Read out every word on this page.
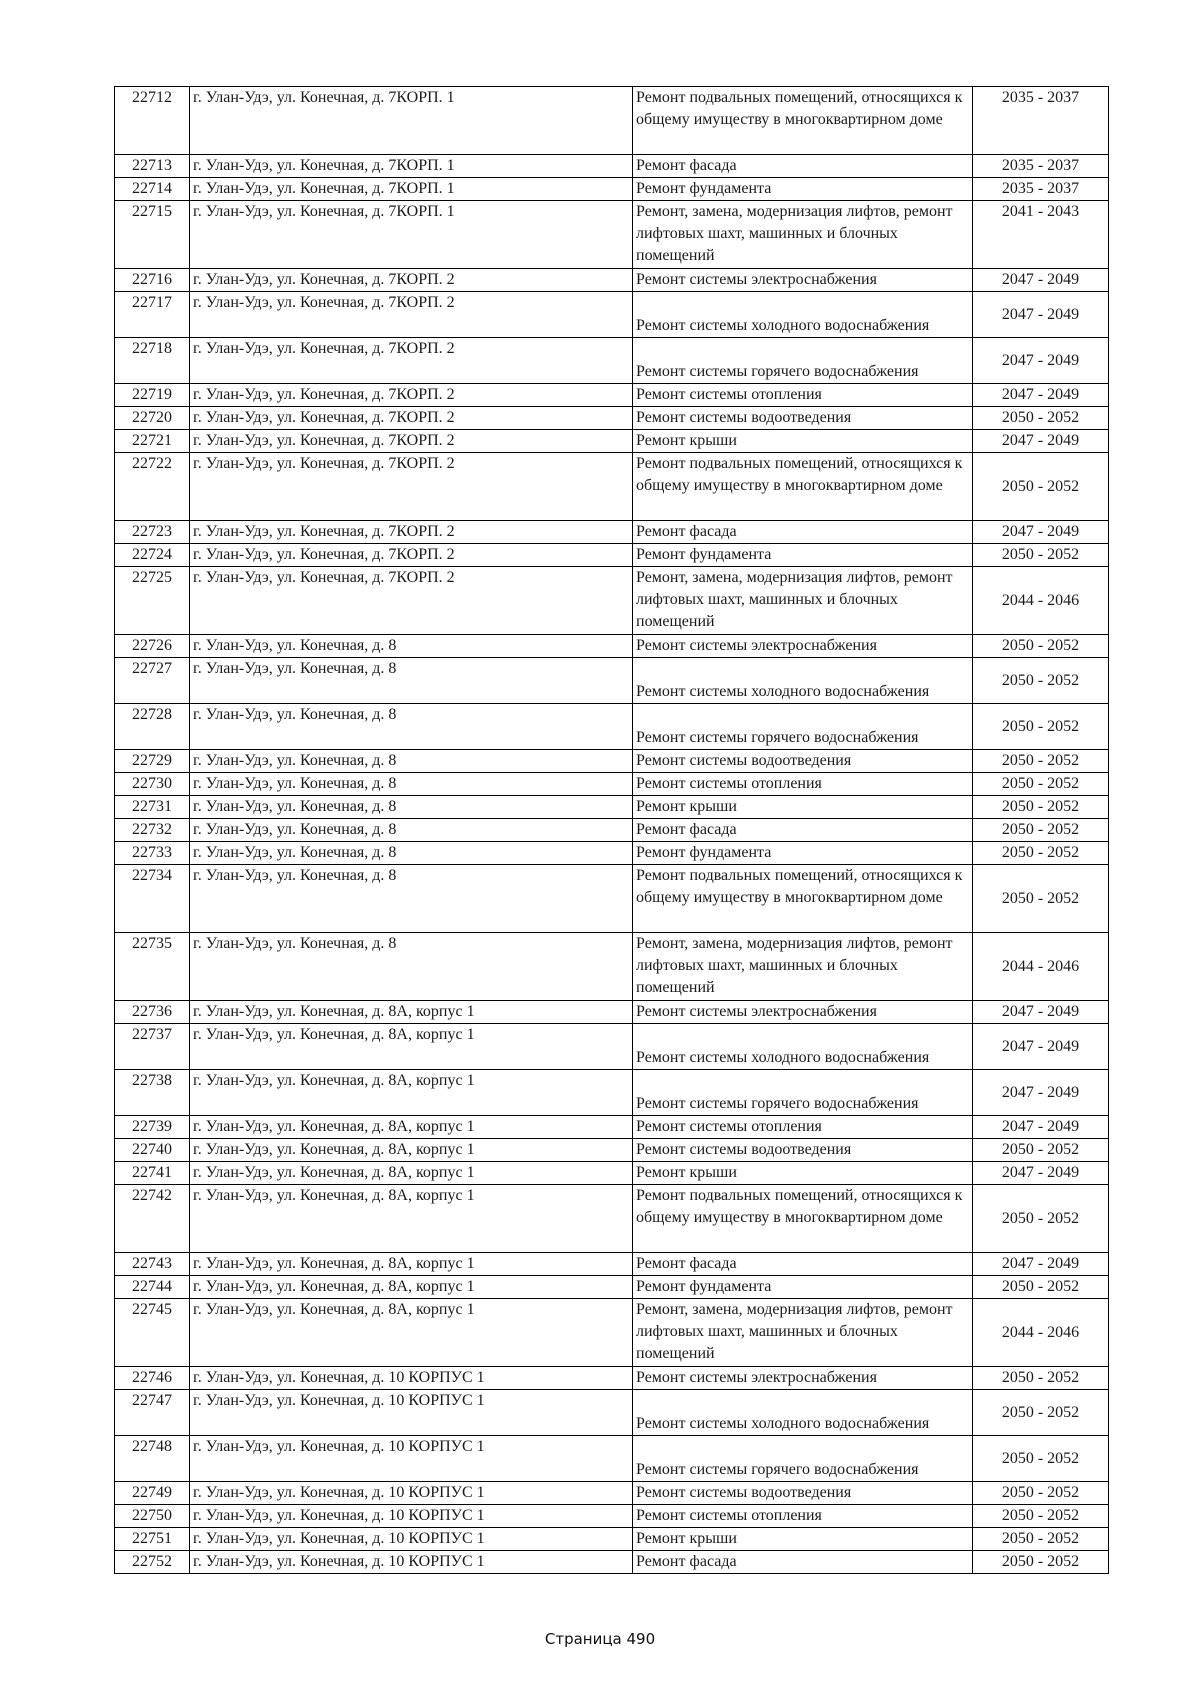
22712	г. Улан-Удэ, ул. Конечная, д. 7КОРП. 1	Ремонт подвальных помещений, относящихся к общему имуществу в многоквартирном доме	2035 - 2037
22713	г. Улан-Удэ, ул. Конечная, д. 7КОРП. 1	Ремонт фасада	2035 - 2037
22714	г. Улан-Удэ, ул. Конечная, д. 7КОРП. 1	Ремонт фундамента	2035 - 2037
22715	г. Улан-Удэ, ул. Конечная, д. 7КОРП. 1	Ремонт, замена, модернизация лифтов, ремонт лифтовых шахт, машинных и блочных помещений	2041 - 2043
22716	г. Улан-Удэ, ул. Конечная, д. 7КОРП. 2	Ремонт системы электроснабжения	2047 - 2049
22717	г. Улан-Удэ, ул. Конечная, д. 7КОРП. 2	Ремонт системы холодного водоснабжения	2047 - 2049
22718	г. Улан-Удэ, ул. Конечная, д. 7КОРП. 2	Ремонт системы горячего водоснабжения	2047 - 2049
22719	г. Улан-Удэ, ул. Конечная, д. 7КОРП. 2	Ремонт системы отопления	2047 - 2049
22720	г. Улан-Удэ, ул. Конечная, д. 7КОРП. 2	Ремонт системы водоотведения	2050 - 2052
22721	г. Улан-Удэ, ул. Конечная, д. 7КОРП. 2	Ремонт крыши	2047 - 2049
22722	г. Улан-Удэ, ул. Конечная, д. 7КОРП. 2	Ремонт подвальных помещений, относящихся к общему имуществу в многоквартирном доме	2050 - 2052
22723	г. Улан-Удэ, ул. Конечная, д. 7КОРП. 2	Ремонт фасада	2047 - 2049
22724	г. Улан-Удэ, ул. Конечная, д. 7КОРП. 2	Ремонт фундамента	2050 - 2052
22725	г. Улан-Удэ, ул. Конечная, д. 7КОРП. 2	Ремонт, замена, модернизация лифтов, ремонт лифтовых шахт, машинных и блочных помещений	2044 - 2046
22726	г. Улан-Удэ, ул. Конечная, д. 8	Ремонт системы электроснабжения	2050 - 2052
22727	г. Улан-Удэ, ул. Конечная, д. 8	Ремонт системы холодного водоснабжения	2050 - 2052
22728	г. Улан-Удэ, ул. Конечная, д. 8	Ремонт системы горячего водоснабжения	2050 - 2052
22729	г. Улан-Удэ, ул. Конечная, д. 8	Ремонт системы водоотведения	2050 - 2052
22730	г. Улан-Удэ, ул. Конечная, д. 8	Ремонт системы отопления	2050 - 2052
22731	г. Улан-Удэ, ул. Конечная, д. 8	Ремонт крыши	2050 - 2052
22732	г. Улан-Удэ, ул. Конечная, д. 8	Ремонт фасада	2050 - 2052
22733	г. Улан-Удэ, ул. Конечная, д. 8	Ремонт фундамента	2050 - 2052
22734	г. Улан-Удэ, ул. Конечная, д. 8	Ремонт подвальных помещений, относящихся к общему имуществу в многоквартирном доме	2050 - 2052
22735	г. Улан-Удэ, ул. Конечная, д. 8	Ремонт, замена, модернизация лифтов, ремонт лифтовых шахт, машинных и блочных помещений	2044 - 2046
22736	г. Улан-Удэ, ул. Конечная, д. 8А, корпус 1	Ремонт системы электроснабжения	2047 - 2049
22737	г. Улан-Удэ, ул. Конечная, д. 8А, корпус 1	Ремонт системы холодного водоснабжения	2047 - 2049
22738	г. Улан-Удэ, ул. Конечная, д. 8А, корпус 1	Ремонт системы горячего водоснабжения	2047 - 2049
22739	г. Улан-Удэ, ул. Конечная, д. 8А, корпус 1	Ремонт системы отопления	2047 - 2049
22740	г. Улан-Удэ, ул. Конечная, д. 8А, корпус 1	Ремонт системы водоотведения	2050 - 2052
22741	г. Улан-Удэ, ул. Конечная, д. 8А, корпус 1	Ремонт крыши	2047 - 2049
22742	г. Улан-Удэ, ул. Конечная, д. 8А, корпус 1	Ремонт подвальных помещений, относящихся к общему имуществу в многоквартирном доме	2050 - 2052
22743	г. Улан-Удэ, ул. Конечная, д. 8А, корпус 1	Ремонт фасада	2047 - 2049
22744	г. Улан-Удэ, ул. Конечная, д. 8А, корпус 1	Ремонт фундамента	2050 - 2052
22745	г. Улан-Удэ, ул. Конечная, д. 8А, корпус 1	Ремонт, замена, модернизация лифтов, ремонт лифтовых шахт, машинных и блочных помещений	2044 - 2046
22746	г. Улан-Удэ, ул. Конечная, д. 10 КОРПУС 1	Ремонт системы электроснабжения	2050 - 2052
22747	г. Улан-Удэ, ул. Конечная, д. 10 КОРПУС 1	Ремонт системы холодного водоснабжения	2050 - 2052
22748	г. Улан-Удэ, ул. Конечная, д. 10 КОРПУС 1	Ремонт системы горячего водоснабжения	2050 - 2052
22749	г. Улан-Удэ, ул. Конечная, д. 10 КОРПУС 1	Ремонт системы водоотведения	2050 - 2052
22750	г. Улан-Удэ, ул. Конечная, д. 10 КОРПУС 1	Ремонт системы отопления	2050 - 2052
22751	г. Улан-Удэ, ул. Конечная, д. 10 КОРПУС 1	Ремонт крыши	2050 - 2052
22752	г. Улан-Удэ, ул. Конечная, д. 10 КОРПУС 1	Ремонт фасада	2050 - 2052
Страница 490
